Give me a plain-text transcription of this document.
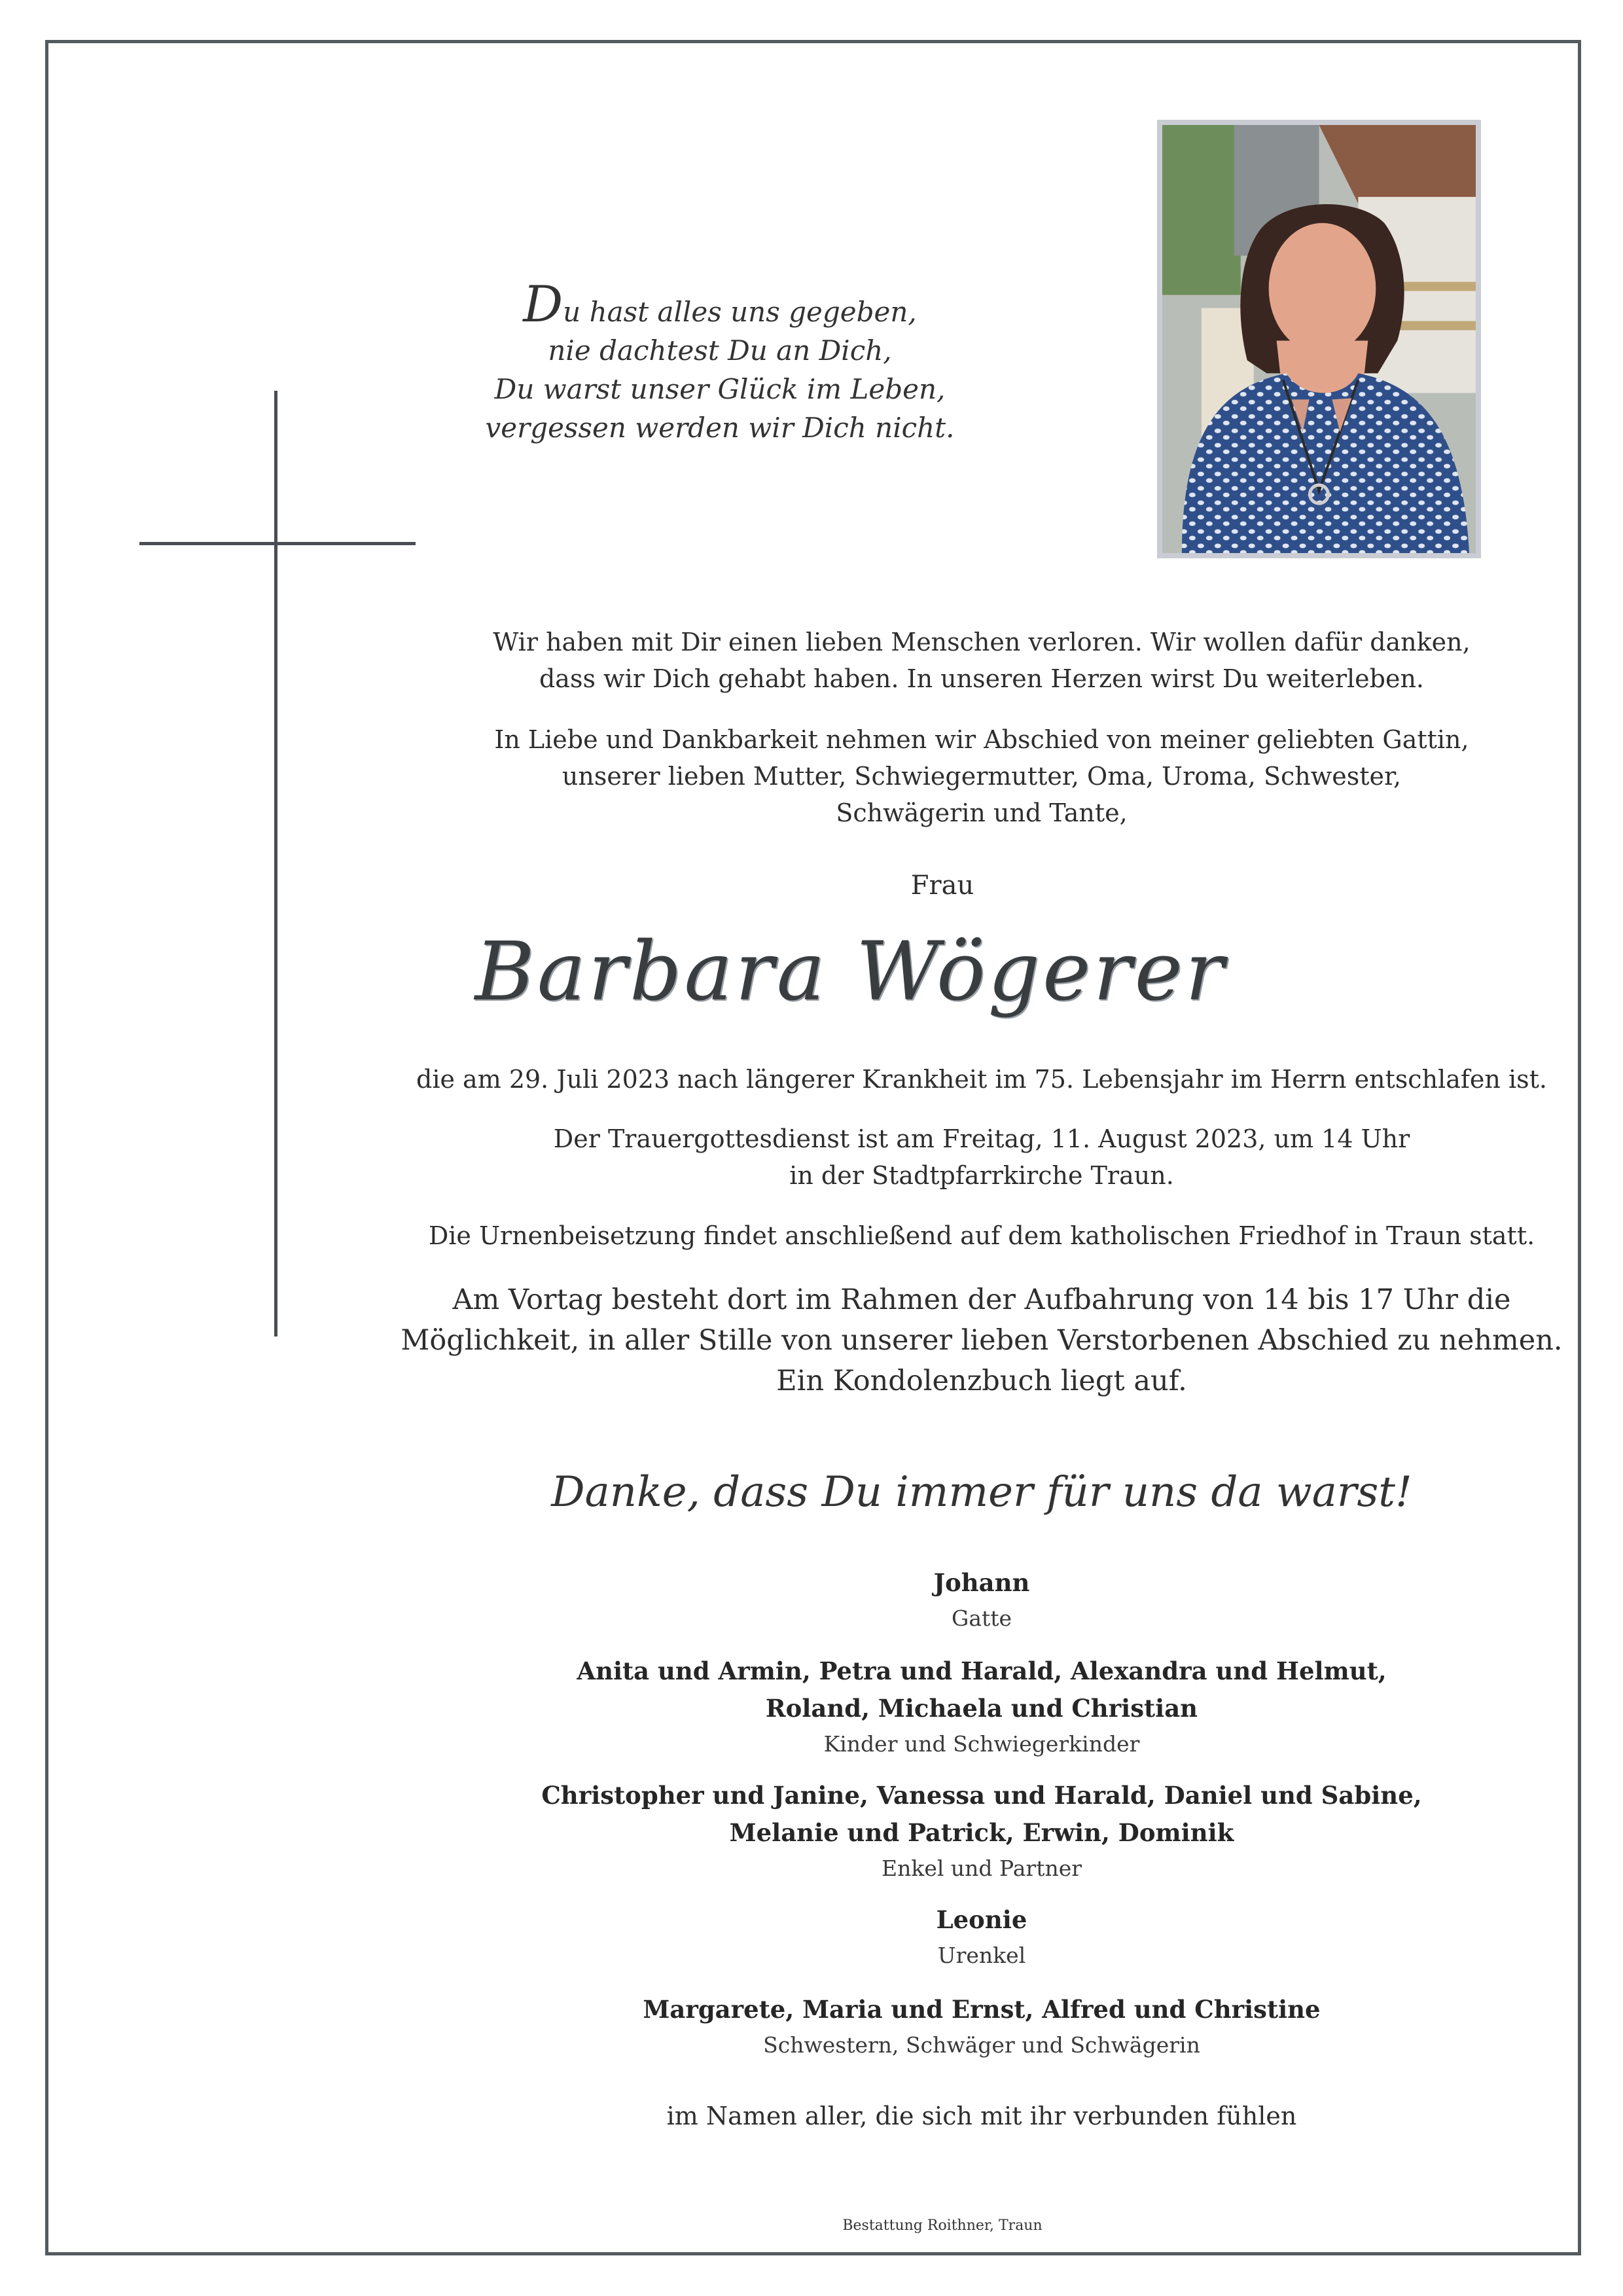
Du hast alles uns gegeben,
nie dachtest Du an Dich,
Du warst unser Glück im Leben,
vergessen werden wir Dich nicht.
Wir haben mit Dir einen lieben Menschen verloren. Wir wollen dafür danken,
dass wir Dich gehabt haben. In unseren Herzen wirst Du weiterleben.
In Liebe und Dankbarkeit nehmen wir Abschied von meiner geliebten Gattin,
unserer lieben Mutter, Schwiegermutter, Oma, Uroma, Schwester,
Schwägerin und Tante,
Frau
Barbara Wögerer
die am 29. Juli 2023 nach längerer Krankheit im 75. Lebensjahr im Herrn entschlafen ist.
Der Trauergottesdienst ist am Freitag, 11. August 2023, um 14 Uhr
in der Stadtpfarrkirche Traun.
Die Urnenbeisetzung findet anschließend auf dem katholischen Friedhof in Traun statt.
Am Vortag besteht dort im Rahmen der Aufbahrung von 14 bis 17 Uhr die
Möglichkeit, in aller Stille von unserer lieben Verstorbenen Abschied zu nehmen.
Ein Kondolenzbuch liegt auf.
Danke, dass Du immer für uns da warst!
Johann
Gatte
Anita und Armin, Petra und Harald, Alexandra und Helmut,
Roland, Michaela und Christian
Kinder und Schwiegerkinder
Christopher und Janine, Vanessa und Harald, Daniel und Sabine,
Melanie und Patrick, Erwin, Dominik
Enkel und Partner
Leonie
Urenkel
Margarete, Maria und Ernst, Alfred und Christine
Schwestern, Schwäger und Schwägerin
im Namen aller, die sich mit ihr verbunden fühlen
Bestattung Roithner, Traun
